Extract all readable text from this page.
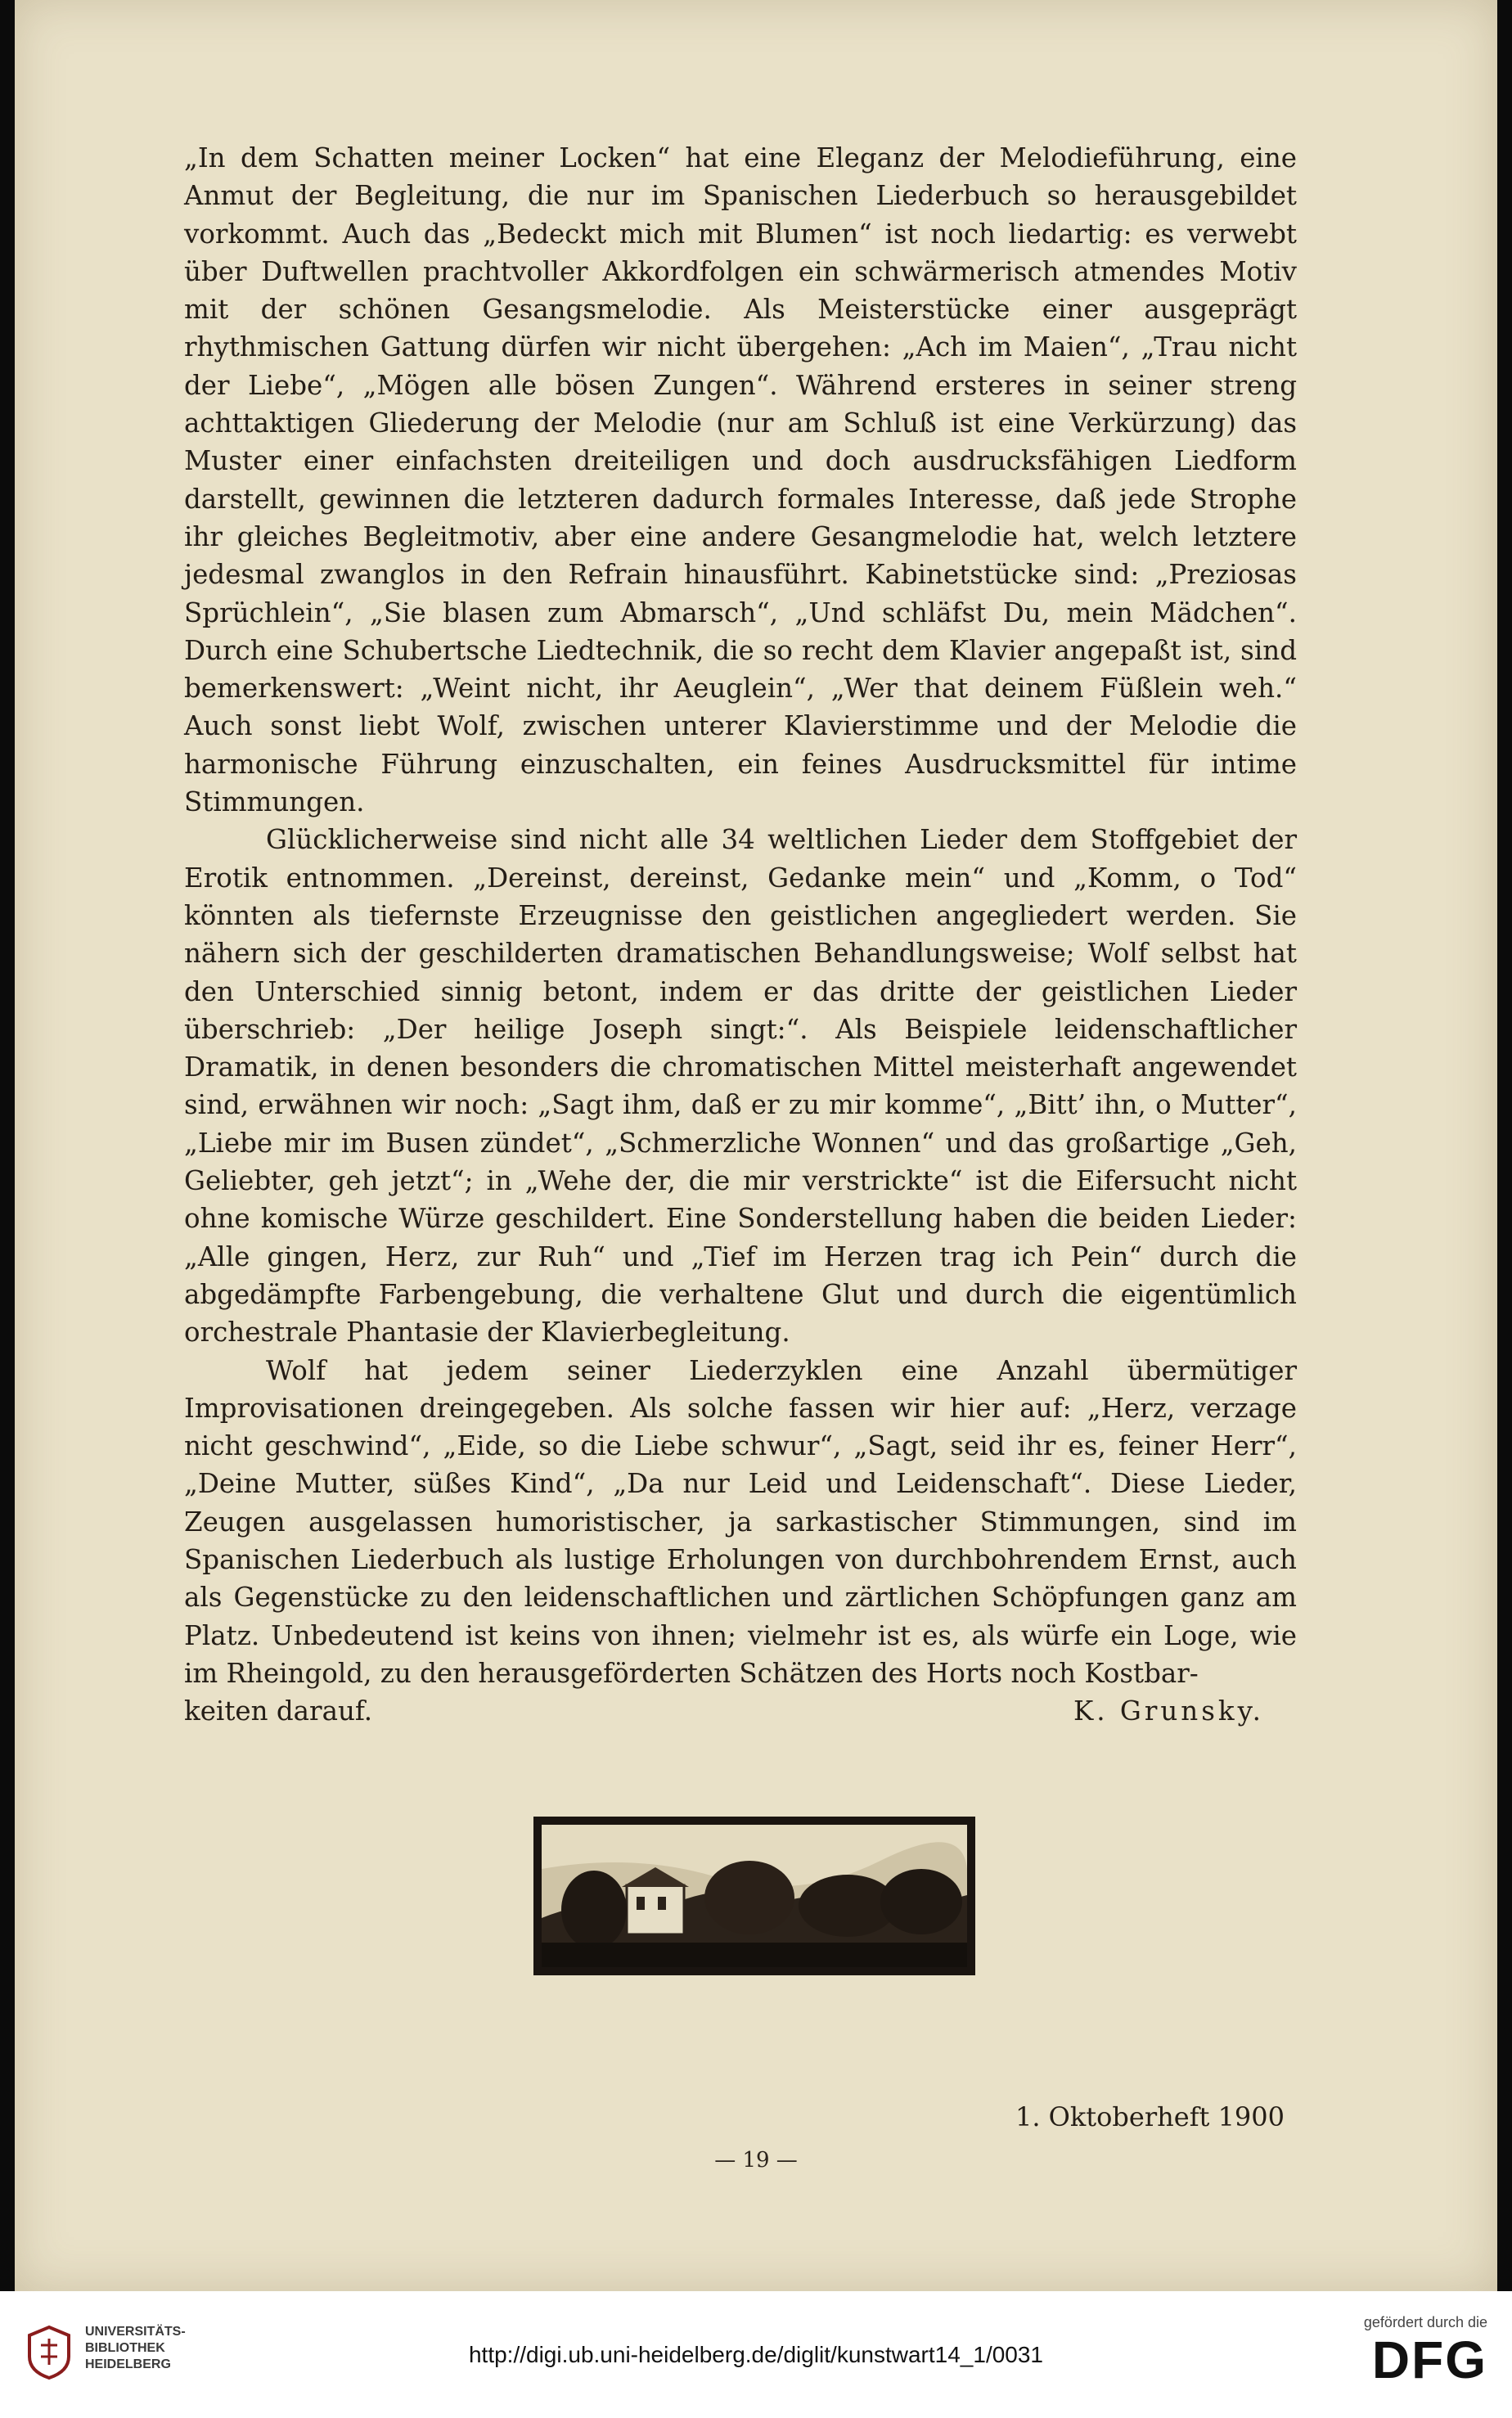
„In dem Schatten meiner Locken“ hat eine Eleganz der Melodieführung, eine Anmut der Begleitung, die nur im Spanischen Liederbuch so herausgebildet vorkommt. Auch das „Bedeckt mich mit Blumen“ ist noch liedartig: es verwebt über Duftwellen prachtvoller Akkordfolgen ein schwärmerisch atmendes Motiv mit der schönen Gesangsmelodie. Als Meisterstücke einer ausgeprägt rhythmischen Gattung dürfen wir nicht übergehen: „Ach im Maien“, „Trau nicht der Liebe“, „Mögen alle bösen Zungen“. Während ersteres in seiner streng achttaktigen Gliederung der Melodie (nur am Schluß ist eine Verkürzung) das Muster einer einfachsten dreiteiligen und doch ausdrucksfähigen Liedform darstellt, gewinnen die letzteren dadurch formales Interesse, daß jede Strophe ihr gleiches Begleitmotiv, aber eine andere Gesangmelodie hat, welch letztere jedesmal zwanglos in den Refrain hinausführt. Kabinetstücke sind: „Preziosas Sprüchlein“, „Sie blasen zum Abmarsch“, „Und schläfst Du, mein Mädchen“. Durch eine Schubertsche Liedtechnik, die so recht dem Klavier angepaßt ist, sind bemerkenswert: „Weint nicht, ihr Aeuglein“, „Wer that deinem Füßlein weh.“ Auch sonst liebt Wolf, zwischen unterer Klavierstimme und der Melodie die harmonische Führung einzuschalten, ein feines Ausdrucksmittel für intime Stimmungen.

Glücklicherweise sind nicht alle 34 weltlichen Lieder dem Stoffgebiet der Erotik entnommen. „Dereinst, dereinst, Gedanke mein“ und „Komm, o Tod“ könnten als tiefernste Erzeugnisse den geistlichen angegliedert werden. Sie nähern sich der geschilderten dramatischen Behandlungsweise; Wolf selbst hat den Unterschied sinnig betont, indem er das dritte der geistlichen Lieder überschrieb: „Der heilige Joseph singt:“. Als Beispiele leidenschaftlicher Dramatik, in denen besonders die chromatischen Mittel meisterhaft angewendet sind, erwähnen wir noch: „Sagt ihm, daß er zu mir komme“, „Bitt’ ihn, o Mutter“, „Liebe mir im Busen zündet“, „Schmerzliche Wonnen“ und das großartige „Geh, Geliebter, geh jetzt“; in „Wehe der, die mir verstrickte“ ist die Eifersucht nicht ohne komische Würze geschildert. Eine Sonderstellung haben die beiden Lieder: „Alle gingen, Herz, zur Ruh“ und „Tief im Herzen trag ich Pein“ durch die abgedämpfte Farbengebung, die verhaltene Glut und durch die eigentümlich orchestrale Phantasie der Klavierbegleitung.

Wolf hat jedem seiner Liederzyklen eine Anzahl übermütiger Improvisationen dreingegeben. Als solche fassen wir hier auf: „Herz, verzage nicht geschwind“, „Eide, so die Liebe schwur“, „Sagt, seid ihr es, feiner Herr“, „Deine Mutter, süßes Kind“, „Da nur Leid und Leidenschaft“. Diese Lieder, Zeugen ausgelassen humoristischer, ja sarkastischer Stimmungen, sind im Spanischen Liederbuch als lustige Erholungen von durchbohrendem Ernst, auch als Gegenstücke zu den leidenschaftlichen und zärtlichen Schöpfungen ganz am Platz. Unbedeutend ist keins von ihnen; vielmehr ist es, als würfe ein Loge, wie im Rheingold, zu den herausgeförderten Schätzen des Horts noch Kostbar-

keiten darauf.	K. Grunsky.
1. Oktoberheft 1900
— 19 —
UNIVERSITÄTS-
BIBLIOTHEK
HEIDELBERG	http://digi.ub.uni-heidelberg.de/diglit/kunstwart14_1/0031
gefördert durch die
DFG
